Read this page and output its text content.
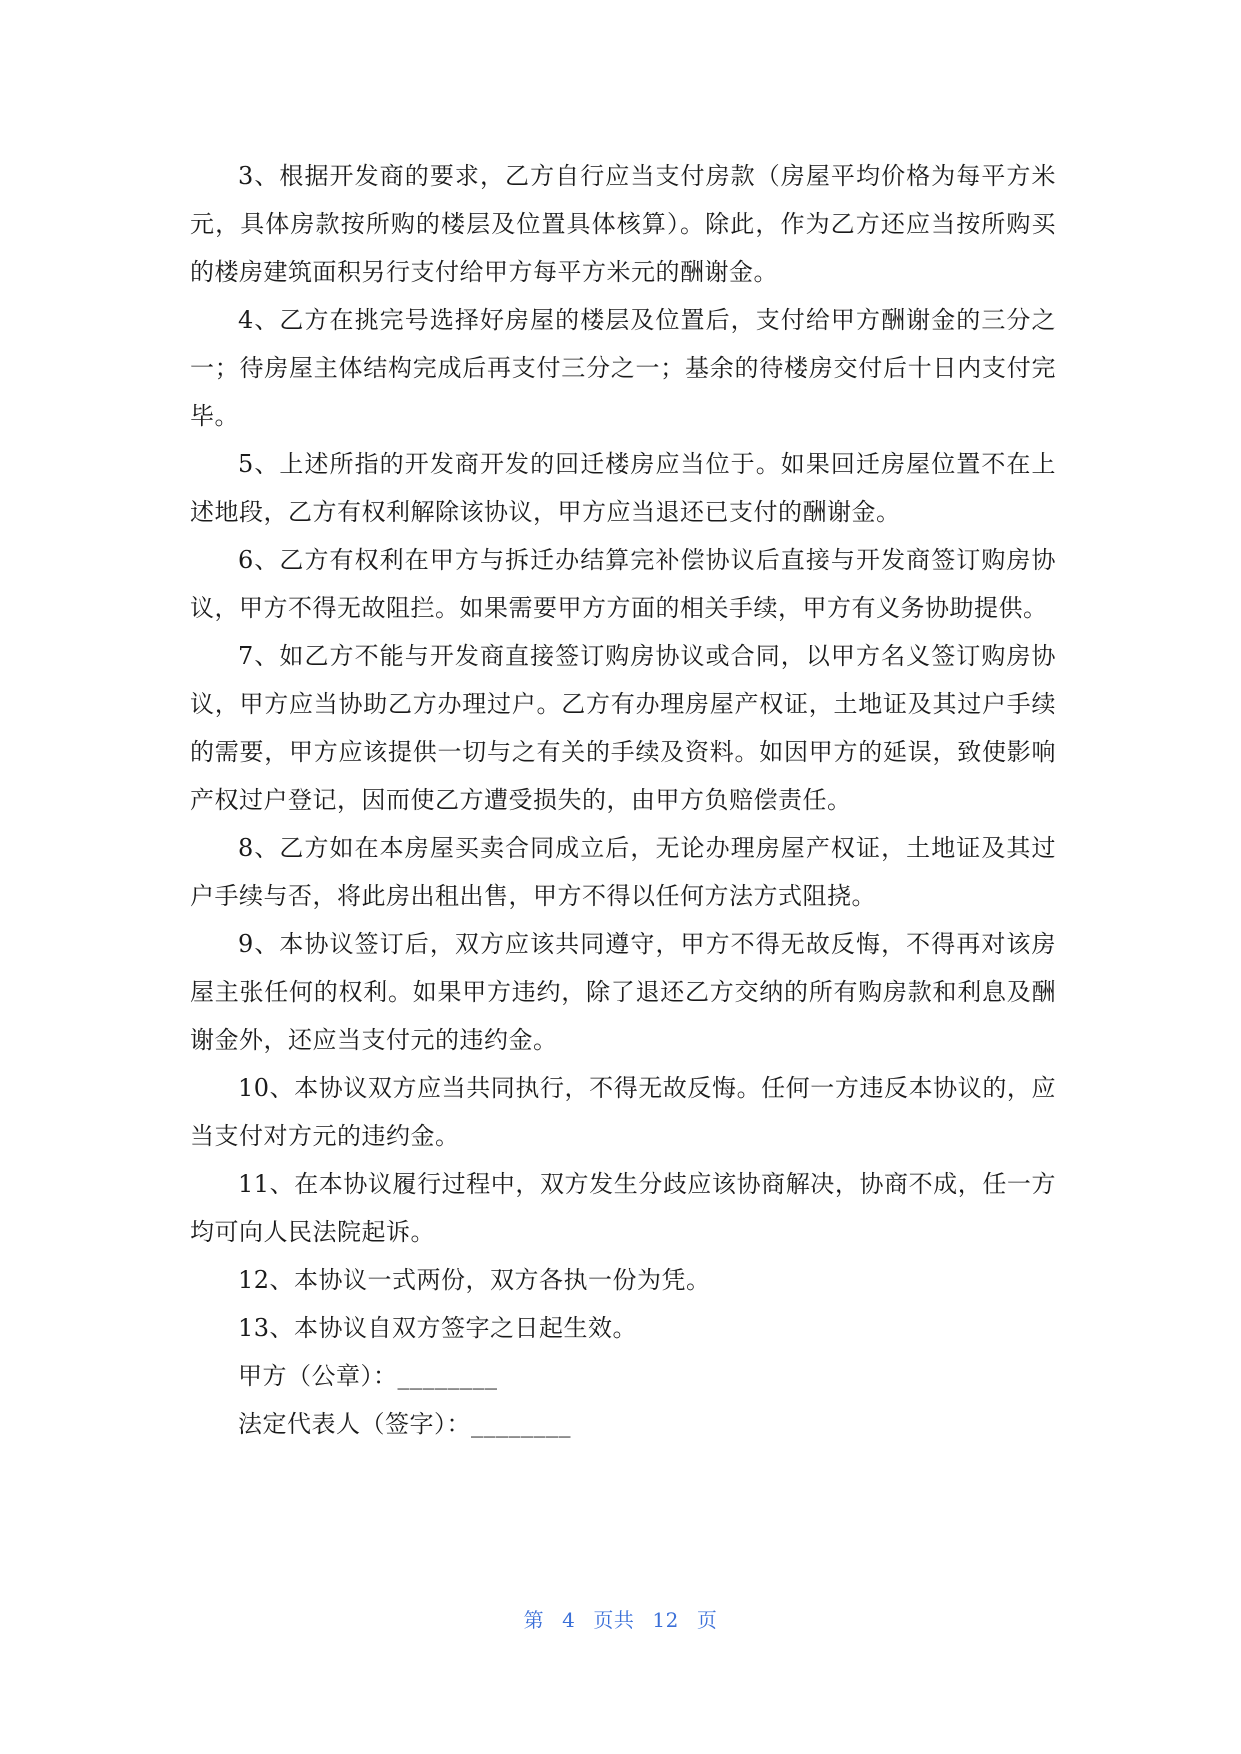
3、根据开发商的要求，乙方自行应当支付房款（房屋平均价格为每平方米元，具体房款按所购的楼层及位置具体核算）。除此，作为乙方还应当按所购买的楼房建筑面积另行支付给甲方每平方米元的酬谢金。

4、乙方在挑完号选择好房屋的楼层及位置后，支付给甲方酬谢金的三分之一；待房屋主体结构完成后再支付三分之一；基余的待楼房交付后十日内支付完毕。

5、上述所指的开发商开发的回迁楼房应当位于。如果回迁房屋位置不在上述地段，乙方有权利解除该协议，甲方应当退还已支付的酬谢金。

6、乙方有权利在甲方与拆迁办结算完补偿协议后直接与开发商签订购房协议，甲方不得无故阻拦。如果需要甲方方面的相关手续，甲方有义务协助提供。

7、如乙方不能与开发商直接签订购房协议或合同，以甲方名义签订购房协议，甲方应当协助乙方办理过户。乙方有办理房屋产权证，土地证及其过户手续的需要，甲方应该提供一切与之有关的手续及资料。如因甲方的延误，致使影响产权过户登记，因而使乙方遭受损失的，由甲方负赔偿责任。

8、乙方如在本房屋买卖合同成立后，无论办理房屋产权证，土地证及其过户手续与否，将此房出租出售，甲方不得以任何方法方式阻挠。

9、本协议签订后，双方应该共同遵守，甲方不得无故反悔，不得再对该房屋主张任何的权利。如果甲方违约，除了退还乙方交纳的所有购房款和利息及酬谢金外，还应当支付元的违约金。

10、本协议双方应当共同执行，不得无故反悔。任何一方违反本协议的，应当支付对方元的违约金。

11、在本协议履行过程中，双方发生分歧应该协商解决，协商不成，任一方均可向人民法院起诉。

12、本协议一式两份，双方各执一份为凭。

13、本协议自双方签字之日起生效。

甲方（公章）：________

法定代表人（签字）：________

第 4 页共 12 页
